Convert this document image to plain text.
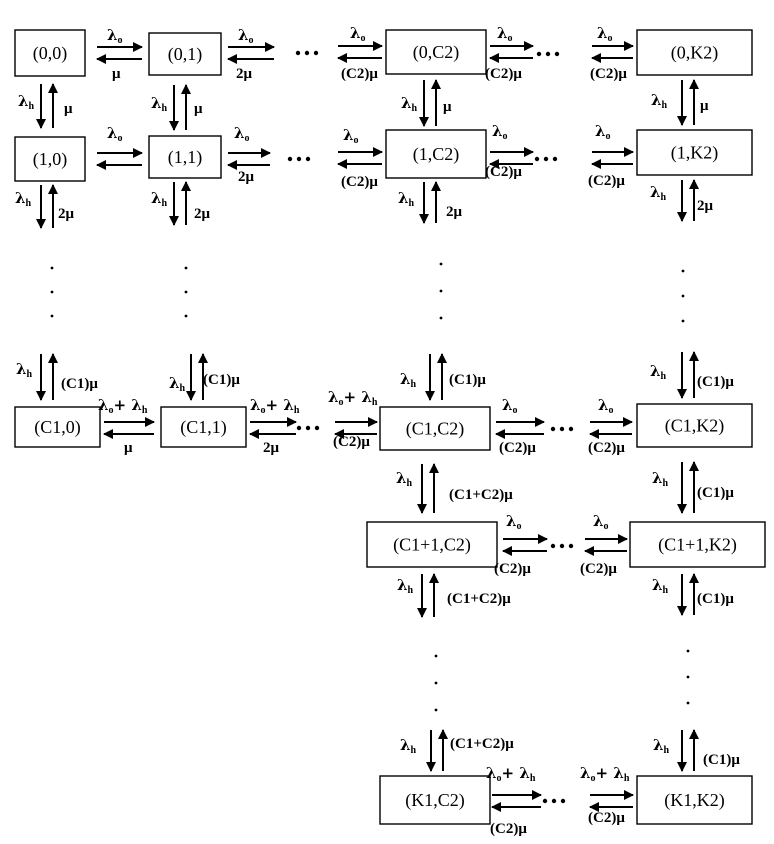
(0,0)	(0,1)	(0,C2)	(0,K2)
(1,0)	(1,1)	(1,C2)	(1,K2)
(C1,0)	(C1,1)	(C1,C2)	(C1,K2)
(C1+1,C2)	(C1+1,K2)
(K1,C2)	(K1,K2)
$\lambda_o$
μ
$\lambda_o$
2μ
$\lambda_o$
(C2)μ
$\lambda_o$
(C2)μ
$\lambda_o$
(C2)μ
$\lambda_h$ μ	$\lambda_h$ μ	$\lambda_h$ μ	$\lambda_h$ μ
$\lambda_o$	$\lambda_o$
2μ
$\lambda_o$
(C2)μ
$\lambda_o$
(C2)μ
$\lambda_o$
(C2)μ
$\lambda_h$
2μ
$\lambda_h$
2μ
$\lambda_h$
2μ
$\lambda_h$
2μ
$\lambda_h$
(C1)μ	$\lambda_h$
(C1)μ	$\lambda_h$ (C1)μ	$\lambda_h$ (C1)μ
$\lambda_o+ \lambda_h$
μ
$\lambda_o+ \lambda_h$
2μ
$\lambda_o+ \lambda_h$
(C2)μ
$\lambda_o$
(C2)μ
$\lambda_o$
(C2)μ
$\lambda_h$
(C1+C2)μ
$\lambda_h$
(C1)μ
$\lambda_o$
(C2)μ
$\lambda_o$
(C2)μ
$\lambda_h$
(C1+C2)μ
$\lambda_h$
(C1)μ
$\lambda_h$ (C1+C2)μ	$\lambda_h$
(C1)μ
$\lambda_o+ \lambda_h$
(C2)μ
$\lambda_o+ \lambda_h$
(C2)μ
